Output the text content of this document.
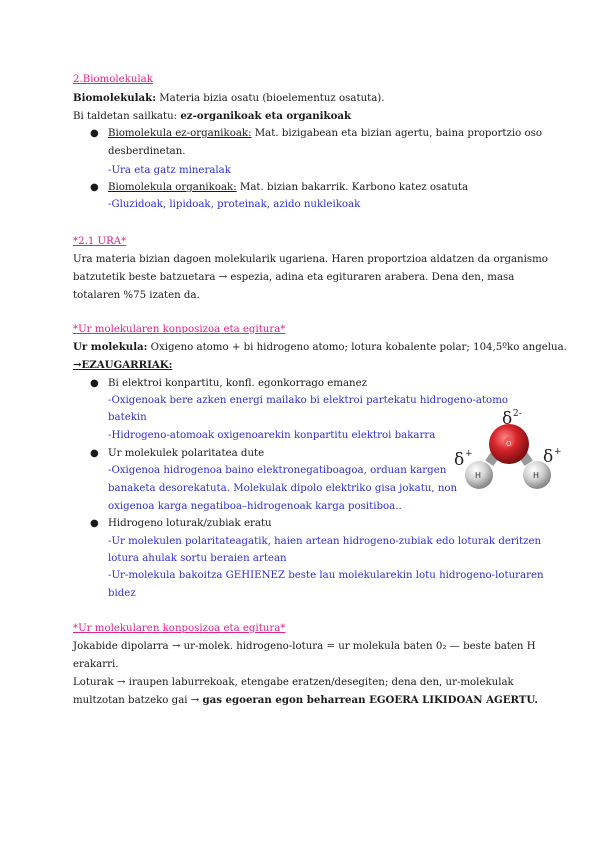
2.Biomolekulak
Biomolekulak: Materia bizia osatu (bioelementuz osatuta).
Bi taldetan sailkatu: ez-organikoak eta organikoak
● Biomolekula ez-organikoak: Mat. bizigabean eta bizian agertu, baina proportzio oso
desberdinetan.
-Ura eta gatz mineralak
● Biomolekula organikoak: Mat. bizian bakarrik. Karbono katez osatuta
-Gluzidoak, lipidoak, proteinak, azido nukleikoak
*2.1 URA*
Ura materia bizian dagoen molekularik ugariena. Haren proportzioa aldatzen da organismo
batzutetik beste batzuetara → espezia, adina eta egituraren arabera. Dena den, masa
totalaren %75 izaten da.
*Ur molekularen konposizoa eta egitura*
Ur molekula: Oxigeno atomo + bi hidrogeno atomo; lotura kobalente polar; 104,5ºko angelua.
→EZAUGARRIAK:
● Bi elektroi konpartitu, konfl. egonkorrago emanez
-Oxigenoak bere azken energi mailako bi elektroi partekatu hidrogeno-atomo
batekin
-Hidrogeno-atomoak oxigenoarekin konpartitu elektroi bakarra
● Ur molekulek polaritatea dute
-Oxigenoa hidrogenoa baino elektronegatiboagoa, orduan kargen
banaketa desorekatuta. Molekulak dipolo elektriko gisa jokatu, non
oxigenoa karga negatiboa–hidrogenoak karga positiboa..
● Hidrogeno loturak/zubiak eratu
-Ur molekulen polaritateagatik, haien artean hidrogeno-zubiak edo loturak deritzen
lotura ahulak sortu beraien artean
-Ur-molekula bakoitza GEHIENEZ beste lau molekularekin lotu hidrogeno-loturaren
bidez
O
H	H
δ 2-
δ +	δ +
*Ur molekularen konposizoa eta egitura*
Jokabide dipolarra → ur-molek. hidrogeno-lotura = ur molekula baten 0₂ — beste baten H
erakarri.
Loturak → iraupen laburrekoak, etengabe eratzen/desegiten; dena den, ur-molekulak
multzotan batzeko gai → gas egoeran egon beharrean EGOERA LIKIDOAN AGERTU.
